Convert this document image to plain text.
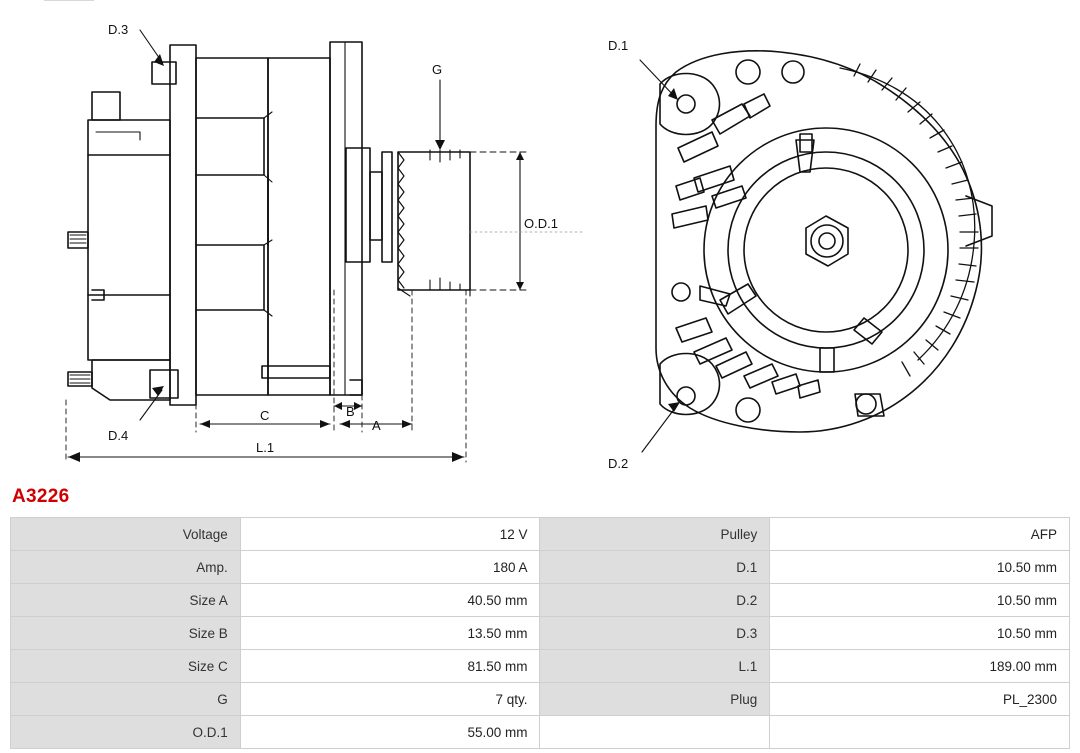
D.3
G
O.D.1
D.4
C	B
A
L.1
D.1
D.2
A3226
Voltage	12 V	Pulley	AFP
Amp.	180 A	D.1	10.50 mm
Size A	40.50 mm	D.2	10.50 mm
Size B	13.50 mm	D.3	10.50 mm
Size C	81.50 mm	L.1	189.00 mm
G	7 qty.	Plug	PL_2300
O.D.1	55.00 mm		
